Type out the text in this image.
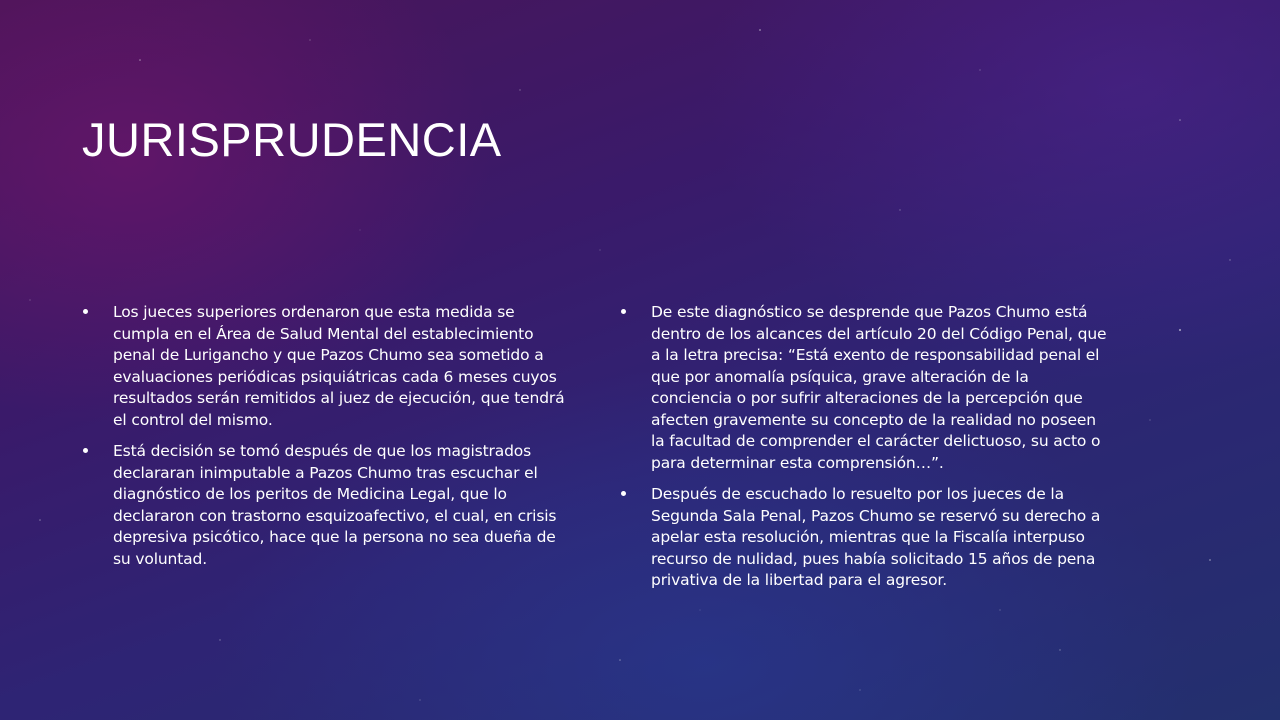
JURISPRUDENCIA
Los jueces superiores ordenaron que esta medida se cumpla en el Área de Salud Mental del establecimiento penal de Lurigancho y que Pazos Chumo sea sometido a evaluaciones periódicas psiquiátricas cada 6 meses cuyos resultados serán remitidos al juez de ejecución, que tendrá el control del mismo.
Está decisión se tomó después de que los magistrados declararan inimputable a Pazos Chumo tras escuchar el diagnóstico de los peritos de Medicina Legal, que lo declararon con trastorno esquizoafectivo, el cual, en crisis depresiva psicótico, hace que la persona no sea dueña de su voluntad.
De este diagnóstico se desprende que Pazos Chumo está dentro de los alcances del artículo 20 del Código Penal, que a la letra precisa: “Está exento de responsabilidad penal el que por anomalía psíquica, grave alteración de la conciencia o por sufrir alteraciones de la percepción que afecten gravemente su concepto de la realidad no poseen la facultad de comprender el carácter delictuoso, su acto o para determinar esta comprensión…”.
Después de escuchado lo resuelto por los jueces de la Segunda Sala Penal, Pazos Chumo se reservó su derecho a apelar esta resolución, mientras que la Fiscalía interpuso recurso de nulidad, pues había solicitado 15 años de pena privativa de la libertad para el agresor.
